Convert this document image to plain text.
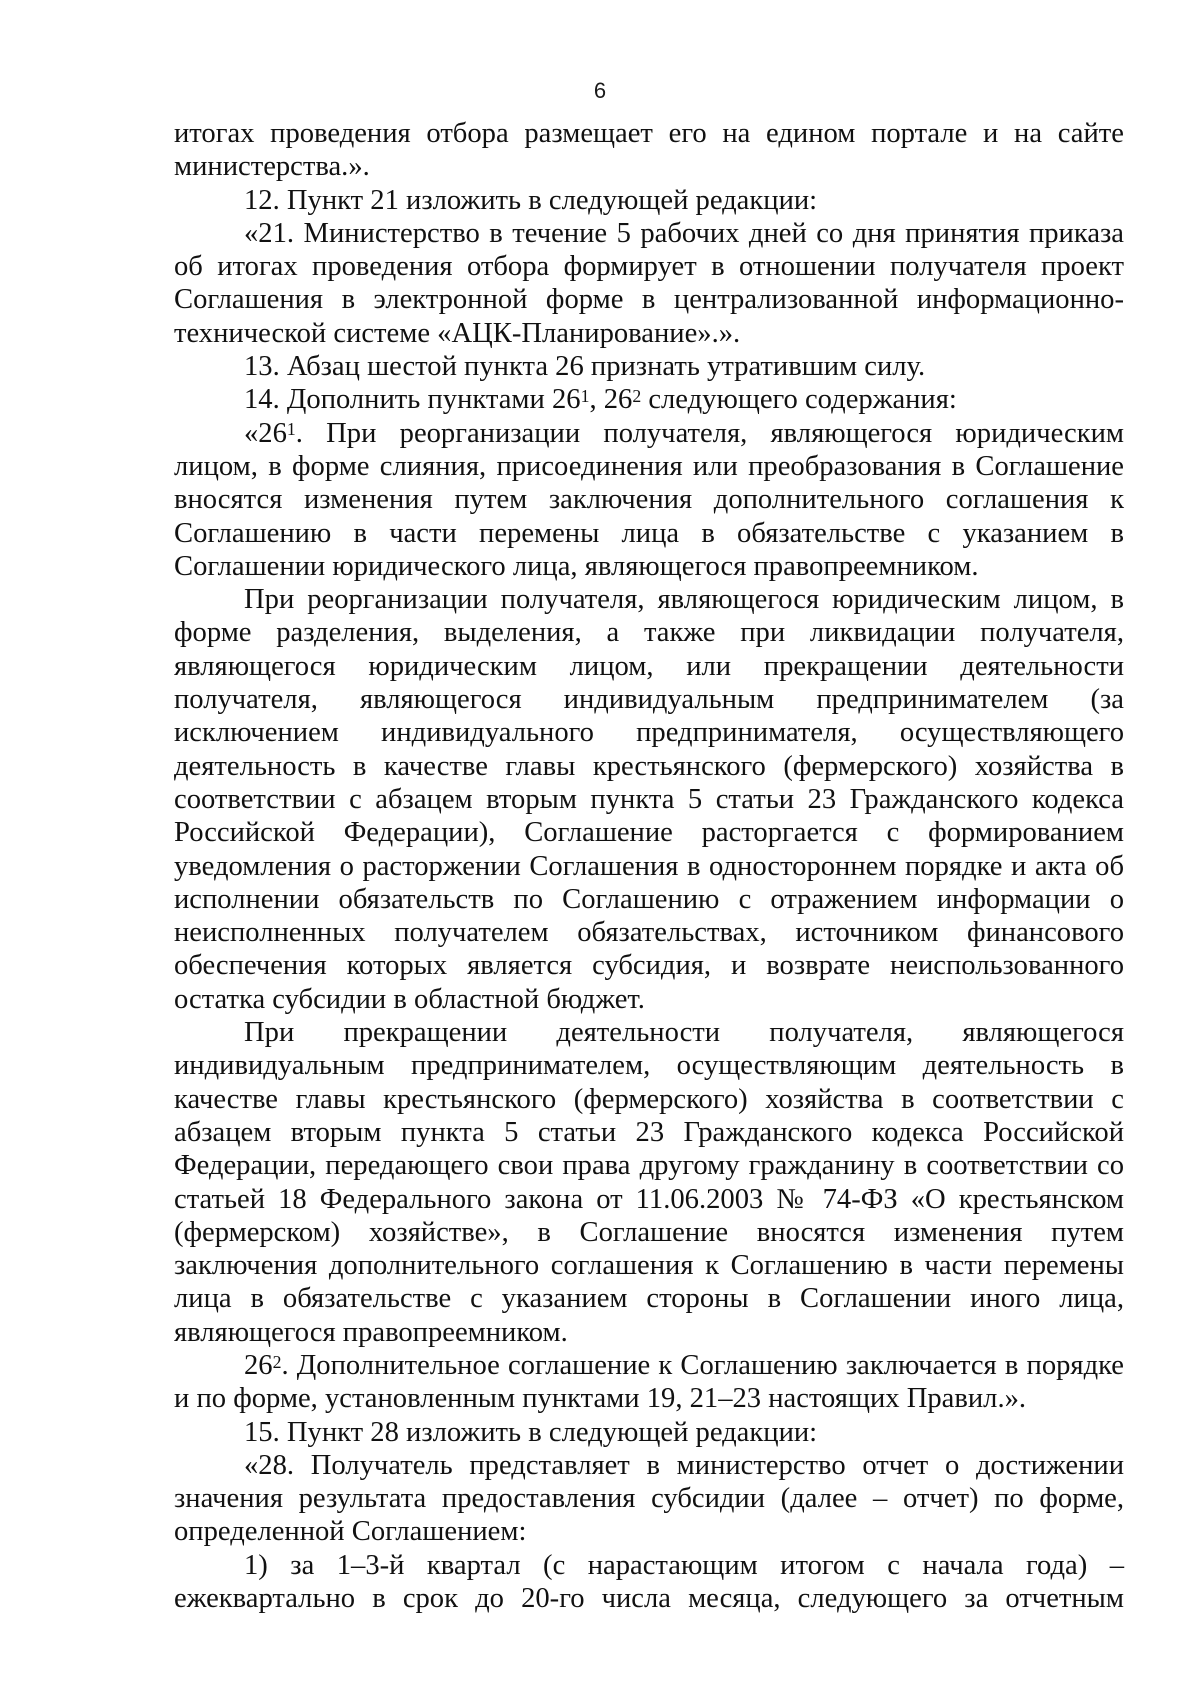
6

итогах проведения отбора размещает его на едином портале и на сайте

министерства.».

12. Пункт 21 изложить в следующей редакции:

«21. Министерство в течение 5 рабочих дней со дня принятия приказа

об итогах проведения отбора формирует в отношении получателя проект

Соглашения в электронной форме в централизованной информационно-

технической системе «АЦК-Планирование».».

13. Абзац шестой пункта 26 признать утратившим силу.

14. Дополнить пунктами $26^1$, $26^2$ следующего содержания:

«$26^1$. При реорганизации получателя, являющегося юридическим

лицом, в форме слияния, присоединения или преобразования в Соглашение

вносятся изменения путем заключения дополнительного соглашения к

Соглашению в части перемены лица в обязательстве с указанием в

Соглашении юридического лица, являющегося правопреемником.

При реорганизации получателя, являющегося юридическим лицом, в

форме разделения, выделения, а также при ликвидации получателя,

являющегося юридическим лицом, или прекращении деятельности

получателя, являющегося индивидуальным предпринимателем (за

исключением индивидуального предпринимателя, осуществляющего

деятельность в качестве главы крестьянского (фермерского) хозяйства в

соответствии с абзацем вторым пункта 5 статьи 23 Гражданского кодекса

Российской Федерации), Соглашение расторгается с формированием

уведомления о расторжении Соглашения в одностороннем порядке и акта об

исполнении обязательств по Соглашению с отражением информации о

неисполненных получателем обязательствах, источником финансового

обеспечения которых является субсидия, и возврате неиспользованного

остатка субсидии в областной бюджет.

При прекращении деятельности получателя, являющегося

индивидуальным предпринимателем, осуществляющим деятельность в

качестве главы крестьянского (фермерского) хозяйства в соответствии с

абзацем вторым пункта 5 статьи 23 Гражданского кодекса Российской

Федерации, передающего свои права другому гражданину в соответствии со

статьей 18 Федерального закона от 11.06.2003 № 74-ФЗ «О крестьянском

(фермерском) хозяйстве», в Соглашение вносятся изменения путем

заключения дополнительного соглашения к Соглашению в части перемены

лица в обязательстве с указанием стороны в Соглашении иного лица,

являющегося правопреемником.

$26^2$. Дополнительное соглашение к Соглашению заключается в порядке

и по форме, установленным пунктами 19, 21–23 настоящих Правил.».

15. Пункт 28 изложить в следующей редакции:

«28. Получатель представляет в министерство отчет о достижении

значения результата предоставления субсидии (далее – отчет) по форме,

определенной Соглашением:

1) за 1–3-й квартал (с нарастающим итогом с начала года) –

ежеквартально в срок до 20-го числа месяца, следующего за отчетным
